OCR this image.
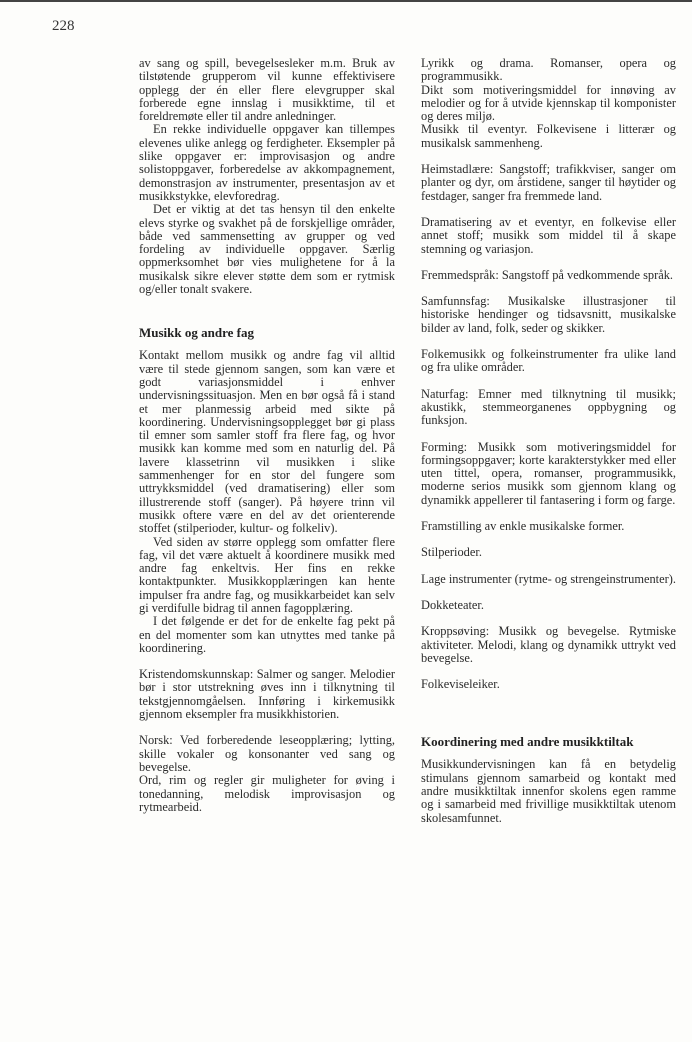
228

av sang og spill, bevegelsesleker m.m. Bruk av tilstøtende grupperom vil kunne effektivisere opplegg der én eller flere elevgrupper skal forberede egne innslag i musikktime, til et foreldremøte eller til andre anledninger.

En rekke individuelle oppgaver kan tillempes elevenes ulike anlegg og ferdigheter. Eksempler på slike oppgaver er: improvisasjon og andre solistoppgaver, forberedelse av akkompagnement, demonstrasjon av instrumenter, presentasjon av et musikkstykke, elevforedrag.

Det er viktig at det tas hensyn til den enkelte elevs styrke og svakhet på de forskjellige områder, både ved sammensetting av grupper og ved fordeling av individuelle oppgaver. Særlig oppmerksomhet bør vies mulighetene for å la musikalsk sikre elever støtte dem som er rytmisk og/eller tonalt svakere.

Musikk og andre fag

Kontakt mellom musikk og andre fag vil alltid være til stede gjennom sangen, som kan være et godt variasjonsmiddel i enhver undervisningssituasjon. Men en bør også få i stand et mer planmessig arbeid med sikte på koordinering. Undervisningsopplegget bør gi plass til emner som samler stoff fra flere fag, og hvor musikk kan komme med som en naturlig del. På lavere klassetrinn vil musikken i slike sammenhenger for en stor del fungere som uttrykksmiddel (ved dramatisering) eller som illustrerende stoff (sanger). På høyere trinn vil musikk oftere være en del av det orienterende stoffet (stilperioder, kultur- og folkeliv).

Ved siden av større opplegg som omfatter flere fag, vil det være aktuelt å koordinere musikk med andre fag enkeltvis. Her fins en rekke kontaktpunkter. Musikkopplæringen kan hente impulser fra andre fag, og musikkarbeidet kan selv gi verdifulle bidrag til annen fagopplæring.

I det følgende er det for de enkelte fag pekt på en del momenter som kan utnyttes med tanke på koordinering.

Kristendomskunnskap: Salmer og sanger. Melodier bør i stor utstrekning øves inn i tilknytning til tekstgjennomgåelsen. Innføring i kirkemusikk gjennom eksempler fra musikkhistorien.

Norsk: Ved forberedende leseopplæring; lytting, skille vokaler og konsonanter ved sang og bevegelse.

Ord, rim og regler gir muligheter for øving i tonedanning, melodisk improvisasjon og rytmearbeid.

Lyrikk og drama. Romanser, opera og programmusikk.

Dikt som motiveringsmiddel for innøving av melodier og for å utvide kjennskap til komponister og deres miljø.

Musikk til eventyr. Folkevisene i litterær og musikalsk sammenheng.

Heimstadlære: Sangstoff; trafikkviser, sanger om planter og dyr, om årstidene, sanger til høytider og festdager, sanger fra fremmede land.

Dramatisering av et eventyr, en folkevise eller annet stoff; musikk som middel til å skape stemning og variasjon.

Fremmedspråk: Sangstoff på vedkommende språk.

Samfunnsfag: Musikalske illustrasjoner til historiske hendinger og tidsavsnitt, musikalske bilder av land, folk, seder og skikker.

Folkemusikk og folkeinstrumenter fra ulike land og fra ulike områder.

Naturfag: Emner med tilknytning til musikk; akustikk, stemmeorganenes oppbygning og funksjon.

Forming: Musikk som motiveringsmiddel for formingsoppgaver; korte karakterstykker med eller uten tittel, opera, romanser, programmusikk, moderne serios musikk som gjennom klang og dynamikk appellerer til fantasering i form og farge.

Framstilling av enkle musikalske former.

Stilperioder.

Lage instrumenter (rytme- og strengeinstrumenter).

Dokketeater.

Kroppsøving: Musikk og bevegelse. Rytmiske aktiviteter. Melodi, klang og dynamikk uttrykt ved bevegelse.

Folkeviseleiker.

Koordinering med andre musikktiltak

Musikkundervisningen kan få en betydelig stimulans gjennom samarbeid og kontakt med andre musikktiltak innenfor skolens egen ramme og i samarbeid med frivillige musikktiltak utenom skolesamfunnet.
